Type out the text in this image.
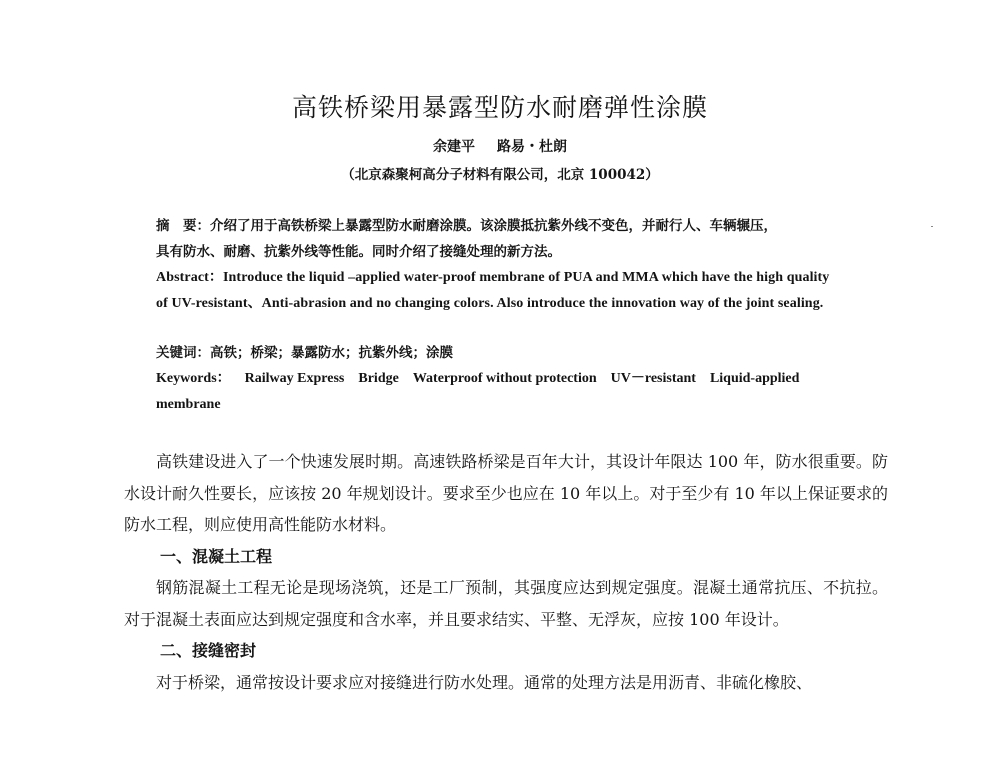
高铁桥梁用暴露型防水耐磨弹性涂膜
余建平 路易・杜朗
（北京森聚柯高分子材料有限公司，北京 100042）
摘　要：介绍了用于高铁桥梁上暴露型防水耐磨涂膜。该涂膜抵抗紫外线不变色，并耐行人、车辆辗压，
具有防水、耐磨、抗紫外线等性能。同时介绍了接缝处理的新方法。
Abstract：Introduce the liquid –applied water-proof membrane of PUA and MMA which have the high quality
of UV-resistant、Anti-abrasion and no changing colors. Also introduce the innovation way of the joint sealing.
关键词：高铁；桥梁；暴露防水；抗紫外线；涂膜
Keywords： Railway Express Bridge Waterproof without protection UV－resistant Liquid-applied
membrane

高铁建设进入了一个快速发展时期。高速铁路桥梁是百年大计，其设计年限达 100 年，防水很重要。防水设计耐久性要长，应该按 20 年规划设计。要求至少也应在 10 年以上。对于至少有 10 年以上保证要求的防水工程，则应使用高性能防水材料。

一、混凝土工程

钢筋混凝土工程无论是现场浇筑，还是工厂预制，其强度应达到规定强度。混凝土通常抗压、不抗拉。对于混凝土表面应达到规定强度和含水率，并且要求结实、平整、无浮灰，应按 100 年设计。

二、接缝密封

对于桥梁，通常按设计要求应对接缝进行防水处理。通常的处理方法是用沥青、非硫化橡胶、
